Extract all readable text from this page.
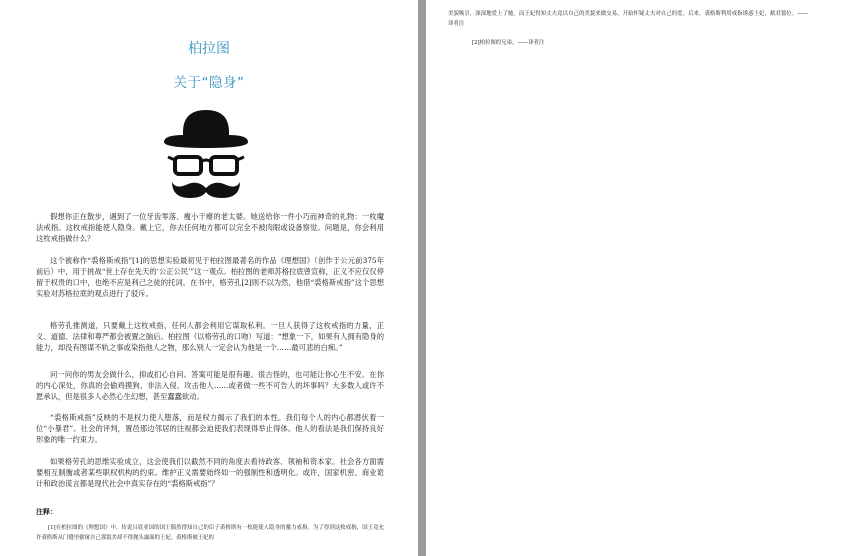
柏拉图
关于“隐身”

假想你正在散步，遇到了一位牙齿零落、瘦小干瘪的老太婆。她送给你一件小巧而神奇的礼物：一枚魔法戒指。这枚戒指能使人隐身。戴上它，你去任何地方都可以完全不被肉眼或设备察觉。问题是，你会利用这枚戒指做什么？

这个被称作“裘格斯戒指”[1]的思想实验最初见于柏拉图最著名的作品《理想国》（创作于公元前375年前后）中，用于挑战“世上存在先天的‘公正公民’”这一观点。柏拉图的老师苏格拉底曾宣称，正义不应仅仅停留于权贵的口中，也绝不应是利己之徒的托词。在书中，格劳孔[2]则不以为然，他借“裘格斯戒指”这个思想实验对苏格拉底的观点进行了驳斥。

格劳孔推测道，只要戴上这枚戒指，任何人都会利用它谋取私利。一旦人获得了这枚戒指的力量，正义、道德、法律和尊严都会被置之脑后。柏拉图（以格劳孔的口吻）写道：“想象一下，如果有人拥有隐身的能力，却没有图谋不轨之事或染指他人之物，那么别人一定会认为他是一个……最可悲的白痴。”

问一问你的男友会做什么，抑或扪心自问。答案可能是很有趣、很古怪的，也可能让你心生不安。在你的内心深处，你真的会偷鸡摸狗、非法入侵、攻击他人……或者做一些不可告人的坏事吗？大多数人或许不愿承认，但是很多人必然心生幻想，甚至蠢蠢欲动。

“裘格斯戒指”反映的不是权力使人堕落，而是权力揭示了我们的本性。我们每个人的内心都潜伏着一位“小暴君”。社会的评判，置邑那边邻居的注视都会迫使我们表现得举止得体。他人的看法是我们保持良好形象的唯一约束力。

如果格劳孔的思维实验成立，这会使我们以截然不同的角度去看待政客、领袖和资本家。社会各方面需要相互制衡或者某些职权机构的约束。维护正义需要始终如一的强制性和透明化。或许，国家机密、商业诡计和政治谎言都是现代社会中真实存在的“裘格斯戒指”？

注释：

[1]在柏拉图的《理想国》中，传说吕底亚国的国王偶然得知自己的臣子裘格斯有一枚能使人隐身的魔力戒指。为了得到这枚戒指，国王竟允许裘格斯从门缝里偷窥自己那貌美却不得抛头露面的王妃。裘格斯被王妃的

美貌吸引，深深地爱上了她。而王妃得知丈夫竟以自己的美貌来做交易，开始怀疑丈夫对自己的爱。后来，裘格斯利用戒指诱惑王妃，弑君篡位。——译者注

[2]柏拉图的兄弟。——译者注
